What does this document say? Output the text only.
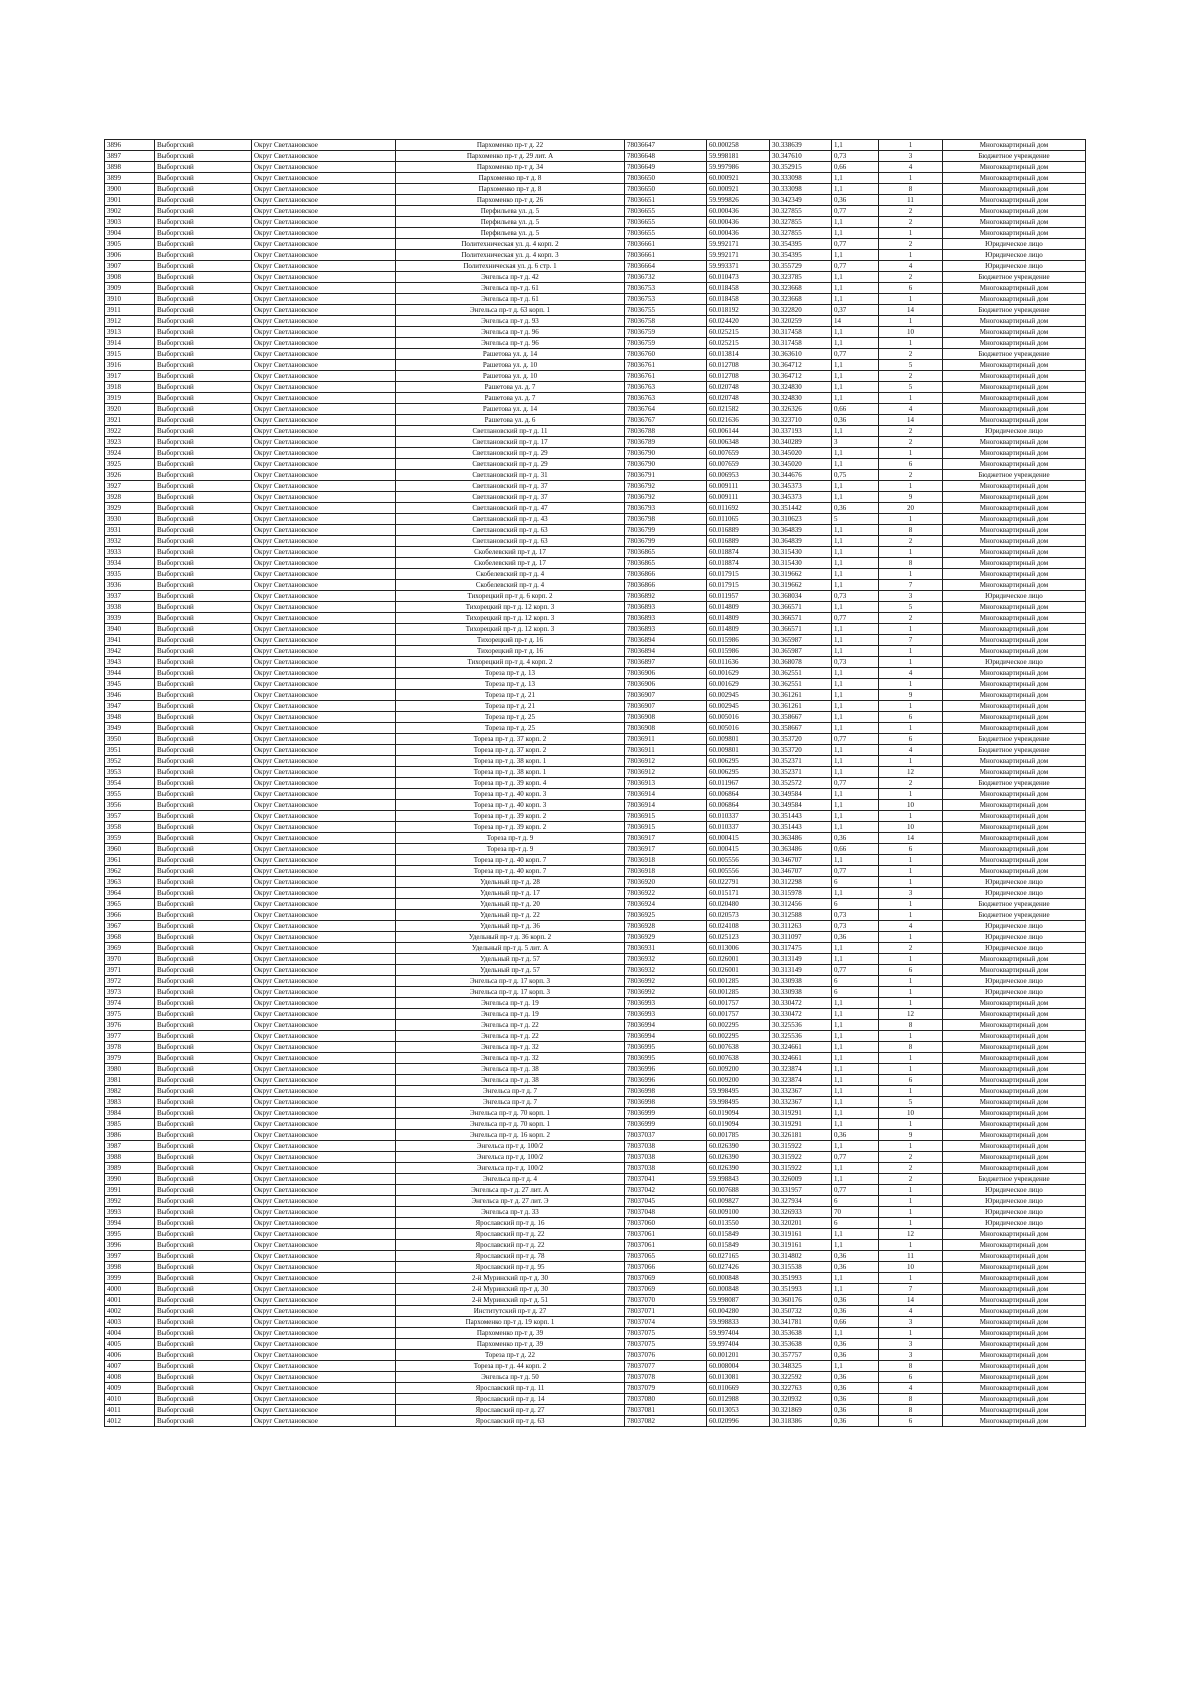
3896	Выборгский	Округ Светлановское	Пархоменко пр-т д. 22	78036647	60.000258	30.338639	1,1	1	Многоквартирный дом
3897	Выборгский	Округ Светлановское	Пархоменко пр-т д. 29 лит. А	78036648	59.998181	30.347610	0,73	3	Бюджетное учреждение
3898	Выборгский	Округ Светлановское	Пархоменко пр-т д. 34	78036649	59.997986	30.352915	0,66	4	Многоквартирный дом
3899	Выборгский	Округ Светлановское	Пархоменко пр-т д. 8	78036650	60.000921	30.333098	1,1	1	Многоквартирный дом
3900	Выборгский	Округ Светлановское	Пархоменко пр-т д. 8	78036650	60.000921	30.333098	1,1	8	Многоквартирный дом
3901	Выборгский	Округ Светлановское	Пархоменко пр-т д. 26	78036651	59.999826	30.342349	0,36	11	Многоквартирный дом
3902	Выборгский	Округ Светлановское	Перфильева ул. д. 5	78036655	60.000436	30.327855	0,77	2	Многоквартирный дом
3903	Выборгский	Округ Светлановское	Перфильева ул. д. 5	78036655	60.000436	30.327855	1,1	2	Многоквартирный дом
3904	Выборгский	Округ Светлановское	Перфильева ул. д. 5	78036655	60.000436	30.327855	1,1	1	Многоквартирный дом
3905	Выборгский	Округ Светлановское	Политехническая ул. д. 4 корп. 2	78036661	59.992171	30.354395	0,77	2	Юридическое лицо
3906	Выборгский	Округ Светлановское	Политехническая ул. д. 4 корп. 3	78036661	59.992171	30.354395	1,1	1	Юридическое лицо
3907	Выборгский	Округ Светлановское	Политехническая ул. д. 6 стр. 1	78036664	59.993371	30.355729	0,77	4	Юридическое лицо
3908	Выборгский	Округ Светлановское	Энгельса пр-т д. 42	78036732	60.010473	30.323785	1,1	2	Бюджетное учреждение
3909	Выборгский	Округ Светлановское	Энгельса пр-т д. 61	78036753	60.018458	30.323668	1,1	6	Многоквартирный дом
3910	Выборгский	Округ Светлановское	Энгельса пр-т д. 61	78036753	60.018458	30.323668	1,1	1	Многоквартирный дом
3911	Выборгский	Округ Светлановское	Энгельса пр-т д. 63 корп. 1	78036755	60.018192	30.322820	0,37	14	Бюджетное учреждение
3912	Выборгский	Округ Светлановское	Энгельса пр-т д. 93	78036758	60.024420	30.320259	14	1	Многоквартирный дом
3913	Выборгский	Округ Светлановское	Энгельса пр-т д. 96	78036759	60.025215	30.317458	1,1	10	Многоквартирный дом
3914	Выборгский	Округ Светлановское	Энгельса пр-т д. 96	78036759	60.025215	30.317458	1,1	1	Многоквартирный дом
3915	Выборгский	Округ Светлановское	Рашетова ул. д. 14	78036760	60.013814	30.363610	0,77	2	Бюджетное учреждение
3916	Выборгский	Округ Светлановское	Рашетова ул. д. 10	78036761	60.012708	30.364712	1,1	5	Многоквартирный дом
3917	Выборгский	Округ Светлановское	Рашетова ул. д. 10	78036761	60.012708	30.364712	1,1	2	Многоквартирный дом
3918	Выборгский	Округ Светлановское	Рашетова ул. д. 7	78036763	60.020748	30.324830	1,1	5	Многоквартирный дом
3919	Выборгский	Округ Светлановское	Рашетова ул. д. 7	78036763	60.020748	30.324830	1,1	1	Многоквартирный дом
3920	Выборгский	Округ Светлановское	Рашетова ул. д. 14	78036764	60.021582	30.326326	0,66	4	Многоквартирный дом
3921	Выборгский	Округ Светлановское	Рашетова ул. д. 6	78036767	60.021636	30.323710	0,36	14	Многоквартирный дом
3922	Выборгский	Округ Светлановское	Светлановский пр-т д. 11	78036788	60.006144	30.337193	1,1	2	Юридическое лицо
3923	Выборгский	Округ Светлановское	Светлановский пр-т д. 17	78036789	60.006348	30.340289	3	2	Многоквартирный дом
3924	Выборгский	Округ Светлановское	Светлановский пр-т д. 29	78036790	60.007659	30.345020	1,1	1	Многоквартирный дом
3925	Выборгский	Округ Светлановское	Светлановский пр-т д. 29	78036790	60.007659	30.345020	1,1	6	Многоквартирный дом
3926	Выборгский	Округ Светлановское	Светлановский пр-т д. 31	78036791	60.006953	30.344676	0,75	2	Бюджетное учреждение
3927	Выборгский	Округ Светлановское	Светлановский пр-т д. 37	78036792	60.009111	30.345373	1,1	1	Многоквартирный дом
3928	Выборгский	Округ Светлановское	Светлановский пр-т д. 37	78036792	60.009111	30.345373	1,1	9	Многоквартирный дом
3929	Выборгский	Округ Светлановское	Светлановский пр-т д. 47	78036793	60.011692	30.351442	0,36	20	Многоквартирный дом
3930	Выборгский	Округ Светлановское	Светлановский пр-т д. 43	78036798	60.011065	30.310623	5	1	Многоквартирный дом
3931	Выборгский	Округ Светлановское	Светлановский пр-т д. 63	78036799	60.016889	30.364839	1,1	8	Многоквартирный дом
3932	Выборгский	Округ Светлановское	Светлановский пр-т д. 63	78036799	60.016889	30.364839	1,1	2	Многоквартирный дом
3933	Выборгский	Округ Светлановское	Скобелевский пр-т д. 17	78036865	60.018874	30.315430	1,1	1	Многоквартирный дом
3934	Выборгский	Округ Светлановское	Скобелевский пр-т д. 17	78036865	60.018874	30.315430	1,1	8	Многоквартирный дом
3935	Выборгский	Округ Светлановское	Скобелевский пр-т д. 4	78036866	60.017915	30.319662	1,1	1	Многоквартирный дом
3936	Выборгский	Округ Светлановское	Скобелевский пр-т д. 4	78036866	60.017915	30.319662	1,1	7	Многоквартирный дом
3937	Выборгский	Округ Светлановское	Тихорецкий пр-т д. 6 корп. 2	78036892	60.011957	30.368034	0,73	3	Юридическое лицо
3938	Выборгский	Округ Светлановское	Тихорецкий пр-т д. 12 корп. 3	78036893	60.014809	30.366571	1,1	5	Многоквартирный дом
3939	Выборгский	Округ Светлановское	Тихорецкий пр-т д. 12 корп. 3	78036893	60.014809	30.366571	0,77	2	Многоквартирный дом
3940	Выборгский	Округ Светлановское	Тихорецкий пр-т д. 12 корп. 3	78036893	60.014809	30.366571	1,1	1	Многоквартирный дом
3941	Выборгский	Округ Светлановское	Тихорецкий пр-т д. 16	78036894	60.015986	30.365987	1,1	7	Многоквартирный дом
3942	Выборгский	Округ Светлановское	Тихорецкий пр-т д. 16	78036894	60.015986	30.365987	1,1	1	Многоквартирный дом
3943	Выборгский	Округ Светлановское	Тихорецкий пр-т д. 4 корп. 2	78036897	60.011636	30.368078	0,73	1	Юридическое лицо
3944	Выборгский	Округ Светлановское	Тореза пр-т д. 13	78036906	60.001629	30.362551	1,1	4	Многоквартирный дом
3945	Выборгский	Округ Светлановское	Тореза пр-т д. 13	78036906	60.001629	30.362551	1,1	1	Многоквартирный дом
3946	Выборгский	Округ Светлановское	Тореза пр-т д. 21	78036907	60.002945	30.361261	1,1	9	Многоквартирный дом
3947	Выборгский	Округ Светлановское	Тореза пр-т д. 21	78036907	60.002945	30.361261	1,1	1	Многоквартирный дом
3948	Выборгский	Округ Светлановское	Тореза пр-т д. 25	78036908	60.005016	30.358667	1,1	6	Многоквартирный дом
3949	Выборгский	Округ Светлановское	Тореза пр-т д. 25	78036908	60.005016	30.358667	1,1	1	Многоквартирный дом
3950	Выборгский	Округ Светлановское	Тореза пр-т д. 37 корп. 2	78036911	60.009801	30.353720	0,77	6	Бюджетное учреждение
3951	Выборгский	Округ Светлановское	Тореза пр-т д. 37 корп. 2	78036911	60.009801	30.353720	1,1	4	Бюджетное учреждение
3952	Выборгский	Округ Светлановское	Тореза пр-т д. 38 корп. 1	78036912	60.006295	30.352371	1,1	1	Многоквартирный дом
3953	Выборгский	Округ Светлановское	Тореза пр-т д. 38 корп. 1	78036912	60.006295	30.352371	1,1	12	Многоквартирный дом
3954	Выборгский	Округ Светлановское	Тореза пр-т д. 39 корп. 4	78036913	60.011967	30.352572	0,77	2	Бюджетное учреждение
3955	Выборгский	Округ Светлановское	Тореза пр-т д. 40 корп. 3	78036914	60.006864	30.349584	1,1	1	Многоквартирный дом
3956	Выборгский	Округ Светлановское	Тореза пр-т д. 40 корп. 3	78036914	60.006864	30.349584	1,1	10	Многоквартирный дом
3957	Выборгский	Округ Светлановское	Тореза пр-т д. 39 корп. 2	78036915	60.010337	30.351443	1,1	1	Многоквартирный дом
3958	Выборгский	Округ Светлановское	Тореза пр-т д. 39 корп. 2	78036915	60.010337	30.351443	1,1	10	Многоквартирный дом
3959	Выборгский	Округ Светлановское	Тореза пр-т д. 9	78036917	60.000415	30.363486	0,36	14	Многоквартирный дом
3960	Выборгский	Округ Светлановское	Тореза пр-т д. 9	78036917	60.000415	30.363486	0,66	6	Многоквартирный дом
3961	Выборгский	Округ Светлановское	Тореза пр-т д. 40 корп. 7	78036918	60.005556	30.346707	1,1	1	Многоквартирный дом
3962	Выборгский	Округ Светлановское	Тореза пр-т д. 40 корп. 7	78036918	60.005556	30.346707	0,77	1	Многоквартирный дом
3963	Выборгский	Округ Светлановское	Удельный пр-т д. 28	78036920	60.022791	30.312298	6	1	Юридическое лицо
3964	Выборгский	Округ Светлановское	Удельный пр-т д. 17	78036922	60.015171	30.315978	1,1	3	Юридическое лицо
3965	Выборгский	Округ Светлановское	Удельный пр-т д. 20	78036924	60.020480	30.312456	6	1	Бюджетное учреждение
3966	Выборгский	Округ Светлановское	Удельный пр-т д. 22	78036925	60.020573	30.312588	0,73	1	Бюджетное учреждение
3967	Выборгский	Округ Светлановское	Удельный пр-т д. 36	78036928	60.024108	30.311263	0,73	4	Юридическое лицо
3968	Выборгский	Округ Светлановское	Удельный пр-т д. 36 корп. 2	78036929	60.025123	30.311097	0,36	1	Юридическое лицо
3969	Выборгский	Округ Светлановское	Удельный пр-т д. 5 лит. А	78036931	60.013006	30.317475	1,1	2	Юридическое лицо
3970	Выборгский	Округ Светлановское	Удельный пр-т д. 57	78036932	60.026001	30.313149	1,1	1	Многоквартирный дом
3971	Выборгский	Округ Светлановское	Удельный пр-т д. 57	78036932	60.026001	30.313149	0,77	6	Многоквартирный дом
3972	Выборгский	Округ Светлановское	Энгельса пр-т д. 17 корп. 3	78036992	60.001285	30.330938	6	1	Юридическое лицо
3973	Выборгский	Округ Светлановское	Энгельса пр-т д. 17 корп. 3	78036992	60.001285	30.330938	6	1	Юридическое лицо
3974	Выборгский	Округ Светлановское	Энгельса пр-т д. 19	78036993	60.001757	30.330472	1,1	1	Многоквартирный дом
3975	Выборгский	Округ Светлановское	Энгельса пр-т д. 19	78036993	60.001757	30.330472	1,1	12	Многоквартирный дом
3976	Выборгский	Округ Светлановское	Энгельса пр-т д. 22	78036994	60.002295	30.325536	1,1	8	Многоквартирный дом
3977	Выборгский	Округ Светлановское	Энгельса пр-т д. 22	78036994	60.002295	30.325536	1,1	1	Многоквартирный дом
3978	Выборгский	Округ Светлановское	Энгельса пр-т д. 32	78036995	60.007638	30.324661	1,1	8	Многоквартирный дом
3979	Выборгский	Округ Светлановское	Энгельса пр-т д. 32	78036995	60.007638	30.324661	1,1	1	Многоквартирный дом
3980	Выборгский	Округ Светлановское	Энгельса пр-т д. 38	78036996	60.009200	30.323874	1,1	1	Многоквартирный дом
3981	Выборгский	Округ Светлановское	Энгельса пр-т д. 38	78036996	60.009200	30.323874	1,1	6	Многоквартирный дом
3982	Выборгский	Округ Светлановское	Энгельса пр-т д. 7	78036998	59.998495	30.332367	1,1	1	Многоквартирный дом
3983	Выборгский	Округ Светлановское	Энгельса пр-т д. 7	78036998	59.998495	30.332367	1,1	5	Многоквартирный дом
3984	Выборгский	Округ Светлановское	Энгельса пр-т д. 70 корп. 1	78036999	60.019094	30.319291	1,1	10	Многоквартирный дом
3985	Выборгский	Округ Светлановское	Энгельса пр-т д. 70 корп. 1	78036999	60.019094	30.319291	1,1	1	Многоквартирный дом
3986	Выборгский	Округ Светлановское	Энгельса пр-т д. 16 корп. 2	78037037	60.001785	30.326181	0,36	9	Многоквартирный дом
3987	Выборгский	Округ Светлановское	Энгельса пр-т д. 100/2	78037038	60.026390	30.315922	1,1	1	Многоквартирный дом
3988	Выборгский	Округ Светлановское	Энгельса пр-т д. 100/2	78037038	60.026390	30.315922	0,77	2	Многоквартирный дом
3989	Выборгский	Округ Светлановское	Энгельса пр-т д. 100/2	78037038	60.026390	30.315922	1,1	2	Многоквартирный дом
3990	Выборгский	Округ Светлановское	Энгельса пр-т д. 4	78037041	59.998843	30.326009	1,1	2	Бюджетное учреждение
3991	Выборгский	Округ Светлановское	Энгельса пр-т д. 27 лит. А	78037042	60.007688	30.331957	0,77	1	Юридическое лицо
3992	Выборгский	Округ Светлановское	Энгельса пр-т д. 27 лит. Э	78037045	60.009827	30.327934	6	1	Юридическое лицо
3993	Выборгский	Округ Светлановское	Энгельса пр-т д. 33	78037048	60.009100	30.326933	70	1	Юридическое лицо
3994	Выборгский	Округ Светлановское	Ярославский пр-т д. 16	78037060	60.013550	30.320201	6	1	Юридическое лицо
3995	Выборгский	Округ Светлановское	Ярославский пр-т д. 22	78037061	60.015849	30.319161	1,1	12	Многоквартирный дом
3996	Выборгский	Округ Светлановское	Ярославский пр-т д. 22	78037061	60.015849	30.319161	1,1	1	Многоквартирный дом
3997	Выборгский	Округ Светлановское	Ярославский пр-т д. 78	78037065	60.027165	30.314802	0,36	11	Многоквартирный дом
3998	Выборгский	Округ Светлановское	Ярославский пр-т д. 95	78037066	60.027426	30.315538	0,36	10	Многоквартирный дом
3999	Выборгский	Округ Светлановское	2-й Муринский пр-т д. 30	78037069	60.000848	30.351993	1,1	1	Многоквартирный дом
4000	Выборгский	Округ Светлановское	2-й Муринский пр-т д. 30	78037069	60.000848	30.351993	1,1	7	Многоквартирный дом
4001	Выборгский	Округ Светлановское	2-й Муринский пр-т д. 51	78037070	59.998087	30.360176	0,36	14	Многоквартирный дом
4002	Выборгский	Округ Светлановское	Институтский пр-т д. 27	78037071	60.004280	30.350732	0,36	4	Многоквартирный дом
4003	Выборгский	Округ Светлановское	Пархоменко пр-т д. 19 корп. 1	78037074	59.998833	30.341781	0,66	3	Многоквартирный дом
4004	Выборгский	Округ Светлановское	Пархоменко пр-т д. 39	78037075	59.997404	30.353638	1,1	1	Многоквартирный дом
4005	Выборгский	Округ Светлановское	Пархоменко пр-т д. 39	78037075	59.997404	30.353638	0,36	3	Многоквартирный дом
4006	Выборгский	Округ Светлановское	Тореза пр-т д. 22	78037076	60.001201	30.357757	0,36	3	Многоквартирный дом
4007	Выборгский	Округ Светлановское	Тореза пр-т д. 44 корп. 2	78037077	60.008004	30.348325	1,1	8	Многоквартирный дом
4008	Выборгский	Округ Светлановское	Энгельса пр-т д. 50	78037078	60.013081	30.322592	0,36	6	Многоквартирный дом
4009	Выборгский	Округ Светлановское	Ярославский пр-т д. 11	78037079	60.010669	30.322763	0,36	4	Многоквартирный дом
4010	Выборгский	Округ Светлановское	Ярославский пр-т д. 14	78037080	60.012988	30.320932	0,36	8	Многоквартирный дом
4011	Выборгский	Округ Светлановское	Ярославский пр-т д. 27	78037081	60.013053	30.321869	0,36	8	Многоквартирный дом
4012	Выборгский	Округ Светлановское	Ярославский пр-т д. 63	78037082	60.020996	30.318386	0,36	6	Многоквартирный дом
